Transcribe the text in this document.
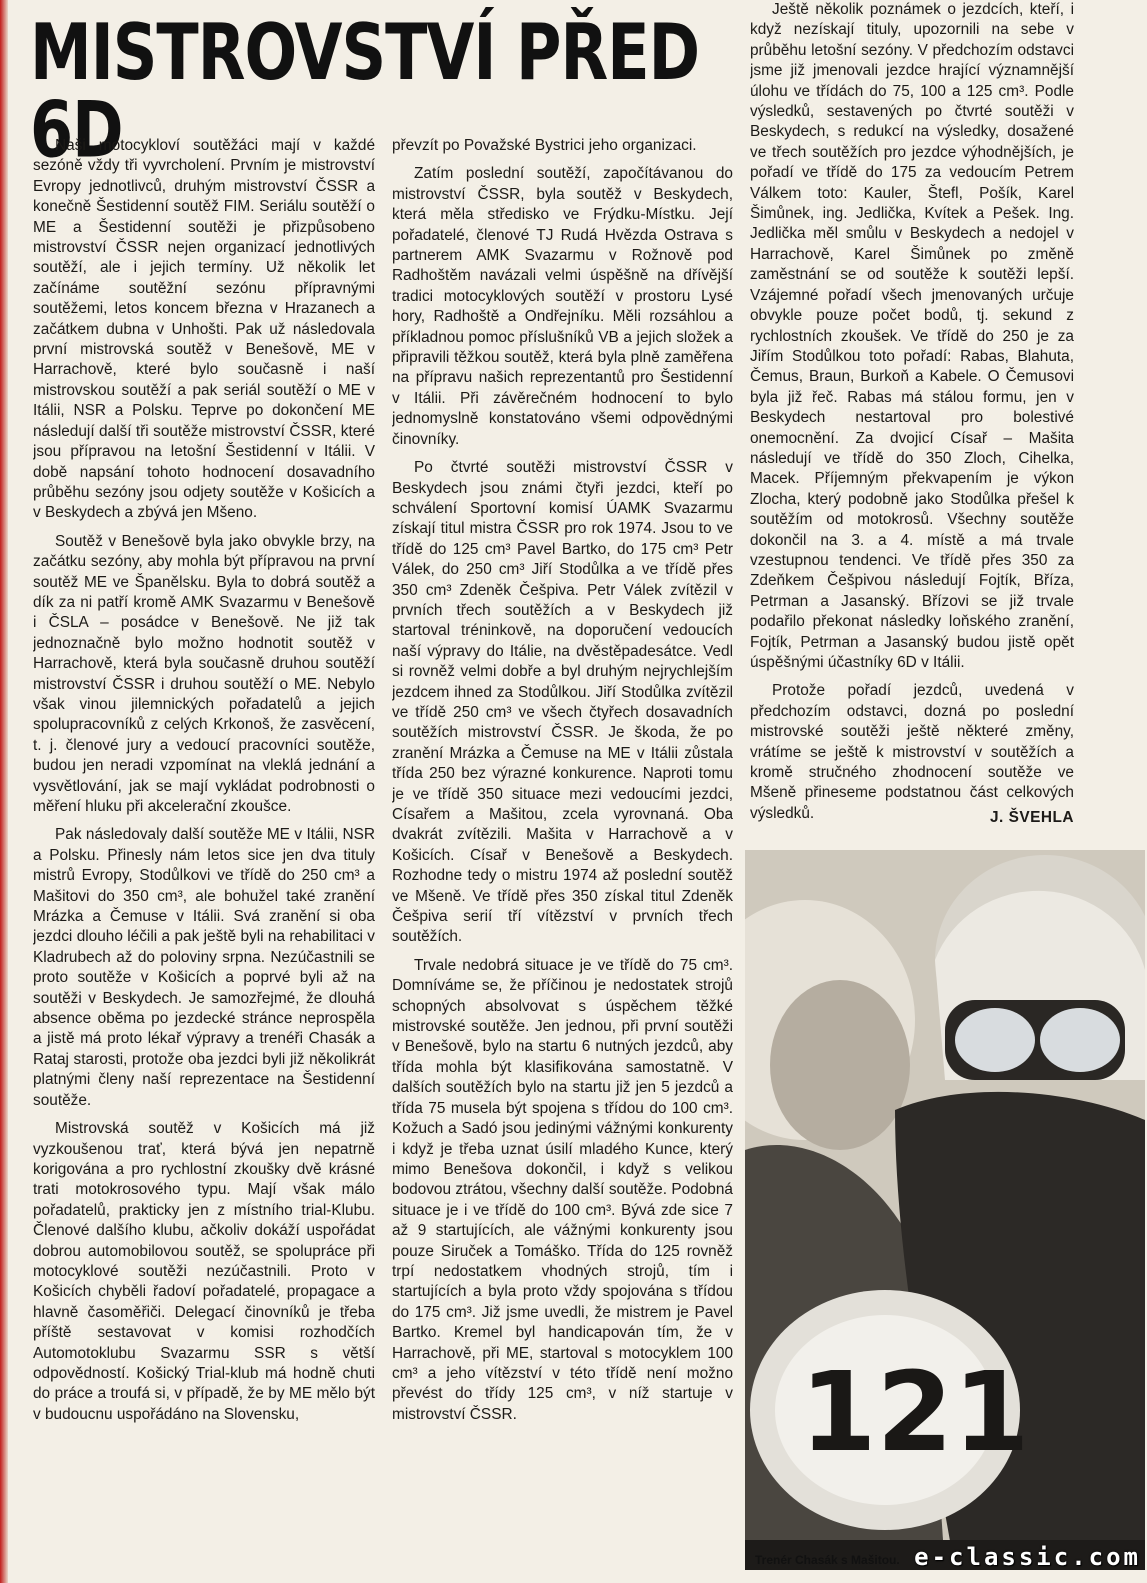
MISTROVSTVÍ PŘED 6D

Naši motocykloví soutěžáci mají v každé sezóně vždy tři vyvrcholení. Prvním je mistrovství Evropy jednotlivců, druhým mistrovství ČSSR a konečně Šestidenní soutěž FIM. Seriálu soutěží o ME a Šestidenní soutěži je přizpůsobeno mistrovství ČSSR nejen organizací jednotlivých soutěží, ale i jejich termíny. Už několik let začínáme soutěžní sezónu přípravnými soutěžemi, letos koncem března v Hrazanech a začátkem dubna v Unhošti. Pak už následovala první mistrovská soutěž v Benešově, ME v Harrachově, které bylo současně i naší mistrovskou soutěží a pak seriál soutěží o ME v Itálii, NSR a Polsku. Teprve po dokončení ME následují další tři soutěže mistrovství ČSSR, které jsou přípravou na letošní Šestidenní v Itálii. V době napsání tohoto hodnocení dosavadního průběhu sezóny jsou odjety soutěže v Košicích a v Beskydech a zbývá jen Mšeno.

Soutěž v Benešově byla jako obvykle brzy, na začátku sezóny, aby mohla být přípravou na první soutěž ME ve Španělsku. Byla to dobrá soutěž a dík za ni patří kromě AMK Svazarmu v Benešově i ČSLA – posádce v Benešově. Ne již tak jednoznačně bylo možno hodnotit soutěž v Harrachově, která byla současně druhou soutěží mistrovství ČSSR i druhou soutěží o ME. Nebylo však vinou jilemnických pořadatelů a jejich spolupracovníků z celých Krkonoš, že zasvěcení, t. j. členové jury a vedoucí pracovníci soutěže, budou jen neradi vzpomínat na vleklá jednání a vysvětlování, jak se mají vykládat podrobnosti o měření hluku při akcelerační zkoušce.

Pak následovaly další soutěže ME v Itálii, NSR a Polsku. Přinesly nám letos sice jen dva tituly mistrů Evropy, Stodůlkovi ve třídě do 250 cm³ a Mašitovi do 350 cm³, ale bohužel také zranění Mrázka a Čemuse v Itálii. Svá zranění si oba jezdci dlouho léčili a pak ještě byli na rehabilitaci v Kladrubech až do poloviny srpna. Nezúčastnili se proto soutěže v Košicích a poprvé byli až na soutěži v Beskydech. Je samozřejmé, že dlouhá absence oběma po jezdecké stránce neprospěla a jistě má proto lékař výpravy a trenéři Chasák a Rataj starosti, protože oba jezdci byli již několikrát platnými členy naší reprezentace na Šestidenní soutěže.

Mistrovská soutěž v Košicích má již vyzkoušenou trať, která bývá jen nepatrně korigována a pro rychlostní zkoušky dvě krásné trati motokrosového typu. Mají však málo pořadatelů, prakticky jen z místního trial-Klubu. Členové dalšího klubu, ačkoliv dokáží uspořádat dobrou automobilovou soutěž, se spolupráce při motocyklové soutěži nezúčastnili. Proto v Košicích chyběli řadoví pořadatelé, propagace a hlavně časoměřiči. Delegací činovníků je třeba příště sestavovat v komisi rozhodčích Automotoklubu Svazarmu SSR s větší odpovědností. Košický Trial-klub má hodně chuti do práce a troufá si, v případě, že by ME mělo být v budoucnu uspořádáno na Slovensku,

převzít po Považské Bystrici jeho organizaci.

Zatím poslední soutěží, započítávanou do mistrovství ČSSR, byla soutěž v Beskydech, která měla středisko ve Frýdku-Místku. Její pořadatelé, členové TJ Rudá Hvězda Ostrava s partnerem AMK Svazarmu v Rožnově pod Radhoštěm navázali velmi úspěšně na dřívější tradici motocyklových soutěží v prostoru Lysé hory, Radhoště a Ondřejníku. Měli rozsáhlou a příkladnou pomoc příslušníků VB a jejich složek a připravili těžkou soutěž, která byla plně zaměřena na přípravu našich reprezentantů pro Šestidenní v Itálii. Při závěrečném hodnocení to bylo jednomyslně konstatováno všemi odpovědnými činovníky.

Po čtvrté soutěži mistrovství ČSSR v Beskydech jsou známi čtyři jezdci, kteří po schválení Sportovní komisí ÚAMK Svazarmu získají titul mistra ČSSR pro rok 1974. Jsou to ve třídě do 125 cm³ Pavel Bartko, do 175 cm³ Petr Válek, do 250 cm³ Jiří Stodůlka a ve třídě přes 350 cm³ Zdeněk Češpiva. Petr Válek zvítězil v prvních třech soutěžích a v Beskydech již startoval tréninkově, na doporučení vedoucích naší výpravy do Itálie, na dvěstěpadesátce. Vedl si rovněž velmi dobře a byl druhým nejrychlejším jezdcem ihned za Stodůlkou. Jiří Stodůlka zvítězil ve třídě 250 cm³ ve všech čtyřech dosavadních soutěžích mistrovství ČSSR. Je škoda, že po zranění Mrázka a Čemuse na ME v Itálii zůstala třída 250 bez výrazné konkurence. Naproti tomu je ve třídě 350 situace mezi vedoucími jezdci, Císařem a Mašitou, zcela vyrovnaná. Oba dvakrát zvítězili. Mašita v Harrachově a v Košicích. Císař v Benešově a Beskydech. Rozhodne tedy o mistru 1974 až poslední soutěž ve Mšeně. Ve třídě přes 350 získal titul Zdeněk Češpiva serií tří vítězství v prvních třech soutěžích.

Trvale nedobrá situace je ve třídě do 75 cm³. Domníváme se, že příčinou je nedostatek strojů schopných absolvovat s úspěchem těžké mistrovské soutěže. Jen jednou, při první soutěži v Benešově, bylo na startu 6 nutných jezdců, aby třída mohla být klasifikována samostatně. V dalších soutěžích bylo na startu již jen 5 jezdců a třída 75 musela být spojena s třídou do 100 cm³. Kožuch a Sadó jsou jedinými vážnými konkurenty i když je třeba uznat úsilí mladého Kunce, který mimo Benešova dokončil, i když s velikou bodovou ztrátou, všechny další soutěže. Podobná situace je i ve třídě do 100 cm³. Bývá zde sice 7 až 9 startujících, ale vážnými konkurenty jsou pouze Siruček a Tomáško. Třída do 125 rovněž trpí nedostatkem vhodných strojů, tím i startujících a byla proto vždy spojována s třídou do 175 cm³. Již jsme uvedli, že mistrem je Pavel Bartko. Kremel byl handicapován tím, že v Harrachově, při ME, startoval s motocyklem 100 cm³ a jeho vítězství v této třídě není možno převést do třídy 125 cm³, v níž startuje v mistrovství ČSSR.

Ještě několik poznámek o jezdcích, kteří, i když nezískají tituly, upozornili na sebe v průběhu letošní sezóny. V předchozím odstavci jsme již jmenovali jezdce hrající významnější úlohu ve třídách do 75, 100 a 125 cm³. Podle výsledků, sestavených po čtvrté soutěži v Beskydech, s redukcí na výsledky, dosažené ve třech soutěžích pro jezdce výhodnějších, je pořadí ve třídě do 175 za vedoucím Petrem Válkem toto: Kauler, Štefl, Pošík, Karel Šimůnek, ing. Jedlička, Kvítek a Pešek. Ing. Jedlička měl smůlu v Beskydech a nedojel v Harrachově, Karel Šimůnek po změně zaměstnání se od soutěže k soutěži lepší. Vzájemné pořadí všech jmenovaných určuje obvykle pouze počet bodů, tj. sekund z rychlostních zkoušek. Ve třídě do 250 je za Jiřím Stodůlkou toto pořadí: Rabas, Blahuta, Čemus, Braun, Burkoň a Kabele. O Čemusovi byla již řeč. Rabas má stálou formu, jen v Beskydech nestartoval pro bolestivé onemocnění. Za dvojicí Císař – Mašita následují ve třídě do 350 Zloch, Cihelka, Macek. Příjemným překvapením je výkon Zlocha, který podobně jako Stodůlka přešel k soutěžím od motokrosů. Všechny soutěže dokončil na 3. a 4. místě a má trvale vzestupnou tendenci. Ve třídě přes 350 za Zdeňkem Češpivou následují Fojtík, Bříza, Petrman a Jasanský. Břízovi se již trvale podařilo překonat následky loňského zranění, Fojtík, Petrman a Jasanský budou jistě opět úspěšnými účastníky 6D v Itálii.

Protože pořadí jezdců, uvedená v předchozím odstavci, dozná po poslední mistrovské soutěži ještě některé změny, vrátíme se ještě k mistrovství v soutěžích a kromě stručného zhodnocení soutěže ve Mšeně přineseme podstatnou část celkových výsledků.	J. ŠVEHLA
121
Trenér Chasák s Mašitou. e-classic.com
